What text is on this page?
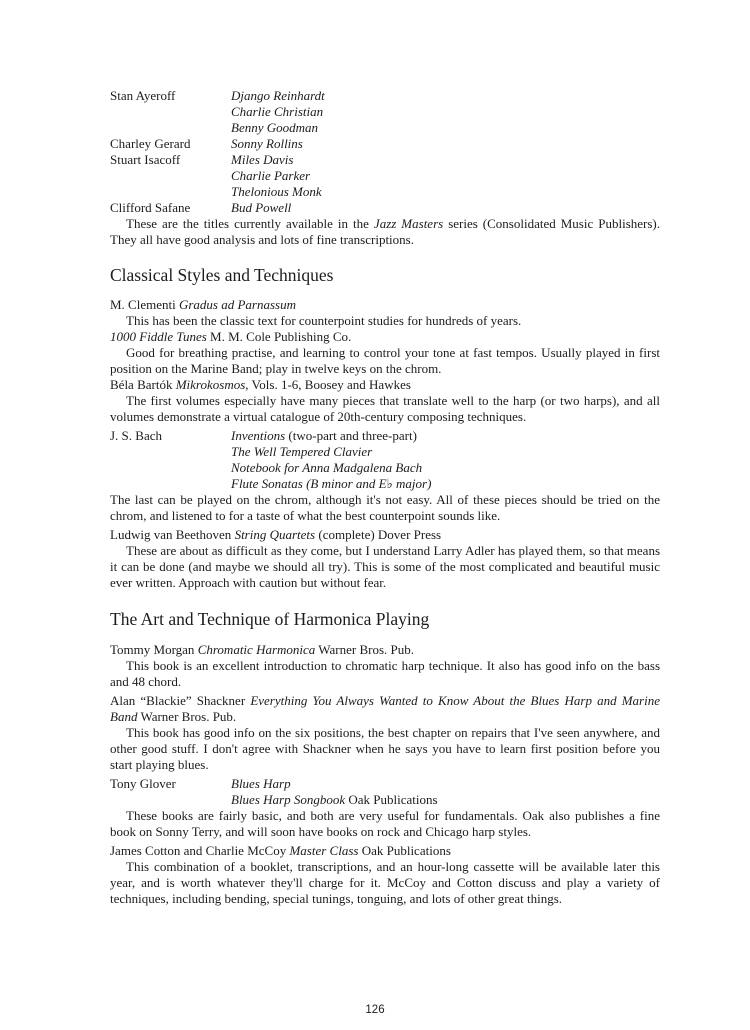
Stan Ayeroff	Django Reinhardt
Charlie Christian
Benny Goodman
Charley Gerard	Sonny Rollins
Stuart Isacoff	Miles Davis
Charlie Parker
Thelonious Monk
Clifford Safane	Bud Powell

These are the titles currently available in the Jazz Masters series (Consolidated Music Publishers). They all have good analysis and lots of fine transcriptions.

Classical Styles and Techniques

M. Clementi Gradus ad Parnassum

This has been the classic text for counterpoint studies for hundreds of years.

1000 Fiddle Tunes M. M. Cole Publishing Co.

Good for breathing practise, and learning to control your tone at fast tempos. Usually played in first position on the Marine Band; play in twelve keys on the chrom.

Béla Bartók Mikrokosmos, Vols. 1-6, Boosey and Hawkes

The first volumes especially have many pieces that translate well to the harp (or two harps), and all volumes demonstrate a virtual catalogue of 20th-century composing techniques.

J. S. Bach	Inventions (two-part and three-part)
The Well Tempered Clavier
Notebook for Anna Madgalena Bach
Flute Sonatas (B minor and E♭ major)

The last can be played on the chrom, although it's not easy. All of these pieces should be tried on the chrom, and listened to for a taste of what the best counterpoint sounds like.

Ludwig van Beethoven String Quartets (complete) Dover Press

These are about as difficult as they come, but I understand Larry Adler has played them, so that means it can be done (and maybe we should all try). This is some of the most complicated and beautiful music ever written. Approach with caution but without fear.

The Art and Technique of Harmonica Playing

Tommy Morgan Chromatic Harmonica Warner Bros. Pub.

This book is an excellent introduction to chromatic harp technique. It also has good info on the bass and 48 chord.

Alan “Blackie” Shackner Everything You Always Wanted to Know About the Blues Harp and Marine Band Warner Bros. Pub.

This book has good info on the six positions, the best chapter on repairs that I've seen anywhere, and other good stuff. I don't agree with Shackner when he says you have to learn first position before you start playing blues.

Tony Glover	Blues Harp
Blues Harp Songbook Oak Publications

These books are fairly basic, and both are very useful for fundamentals. Oak also publishes a fine book on Sonny Terry, and will soon have books on rock and Chicago harp styles.

James Cotton and Charlie McCoy Master Class Oak Publications

This combination of a booklet, transcriptions, and an hour-long cassette will be available later this year, and is worth whatever they'll charge for it. McCoy and Cotton discuss and play a variety of techniques, including bending, special tunings, tonguing, and lots of other great things.

126
